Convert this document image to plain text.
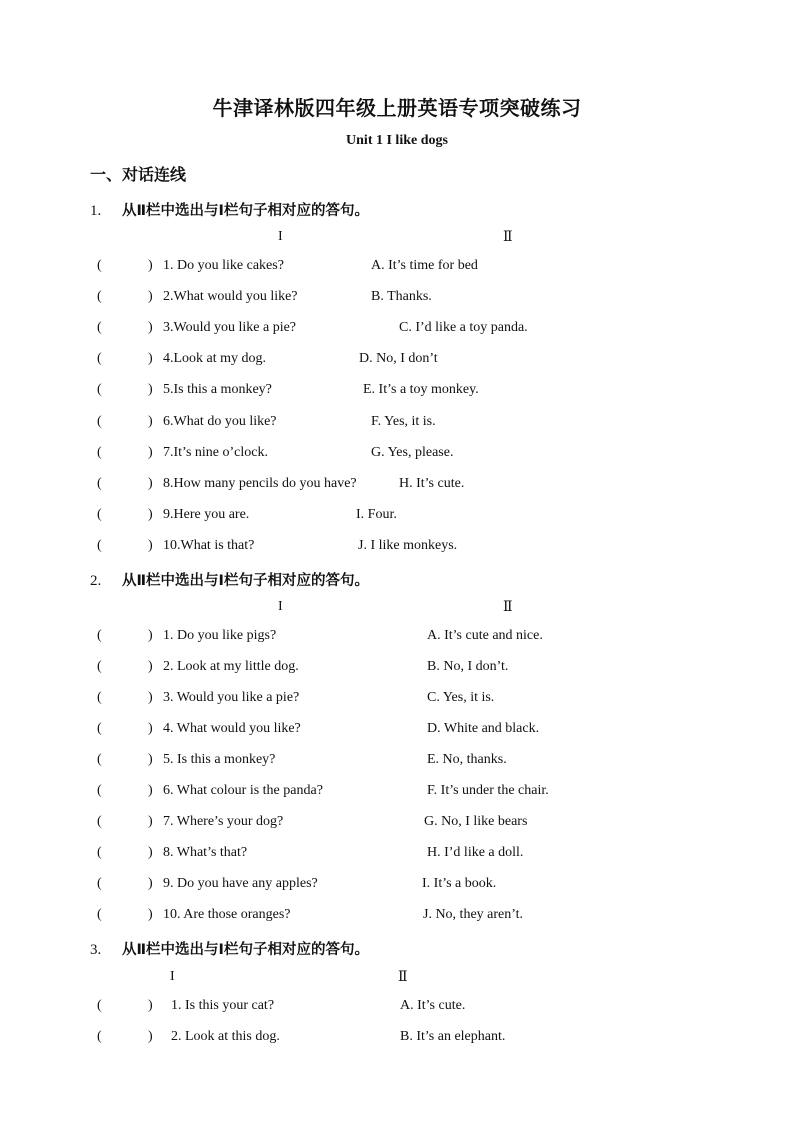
牛津译林版四年级上册英语专项突破练习
Unit 1 I like dogs
一、对话连线
1. 从Ⅱ栏中选出与Ⅰ栏句子相对应的答句。
I	Ⅱ
(	) 1. Do you like cakes?	A. It’s time for bed
(	) 2.What would you like?	B. Thanks.
(	) 3.Would you like a pie?	C. I’d like a toy panda.
(	) 4.Look at my dog.	D. No, I don’t
(	) 5.Is this a monkey?	E. It’s a toy monkey.
(	) 6.What do you like?	F. Yes, it is.
(	) 7.It’s nine o’clock.	G. Yes, please.
(	) 8.How many pencils do you have?	H. It’s cute.
(	) 9.Here you are.	I. Four.
(	) 10.What is that?	J. I like monkeys.
2. 从Ⅱ栏中选出与Ⅰ栏句子相对应的答句。
I	Ⅱ
(	) 1. Do you like pigs?	A. It’s cute and nice.
(	) 2. Look at my little dog.	B. No, I don’t.
(	) 3. Would you like a pie?	C. Yes, it is.
(	) 4. What would you like?	D. White and black.
(	) 5. Is this a monkey?	E. No, thanks.
(	) 6. What colour is the panda?	F. It’s under the chair.
(	) 7. Where’s your dog?	G. No, I like bears
(	) 8. What’s that?	H. I’d like a doll.
(	) 9. Do you have any apples?	I. It’s a book.
(	) 10. Are those oranges?	J. No, they aren’t.
3. 从Ⅱ栏中选出与Ⅰ栏句子相对应的答句。
I	Ⅱ
(	) 1. Is this your cat?	A. It’s cute.
(	) 2. Look at this dog.	B. It’s an elephant.
